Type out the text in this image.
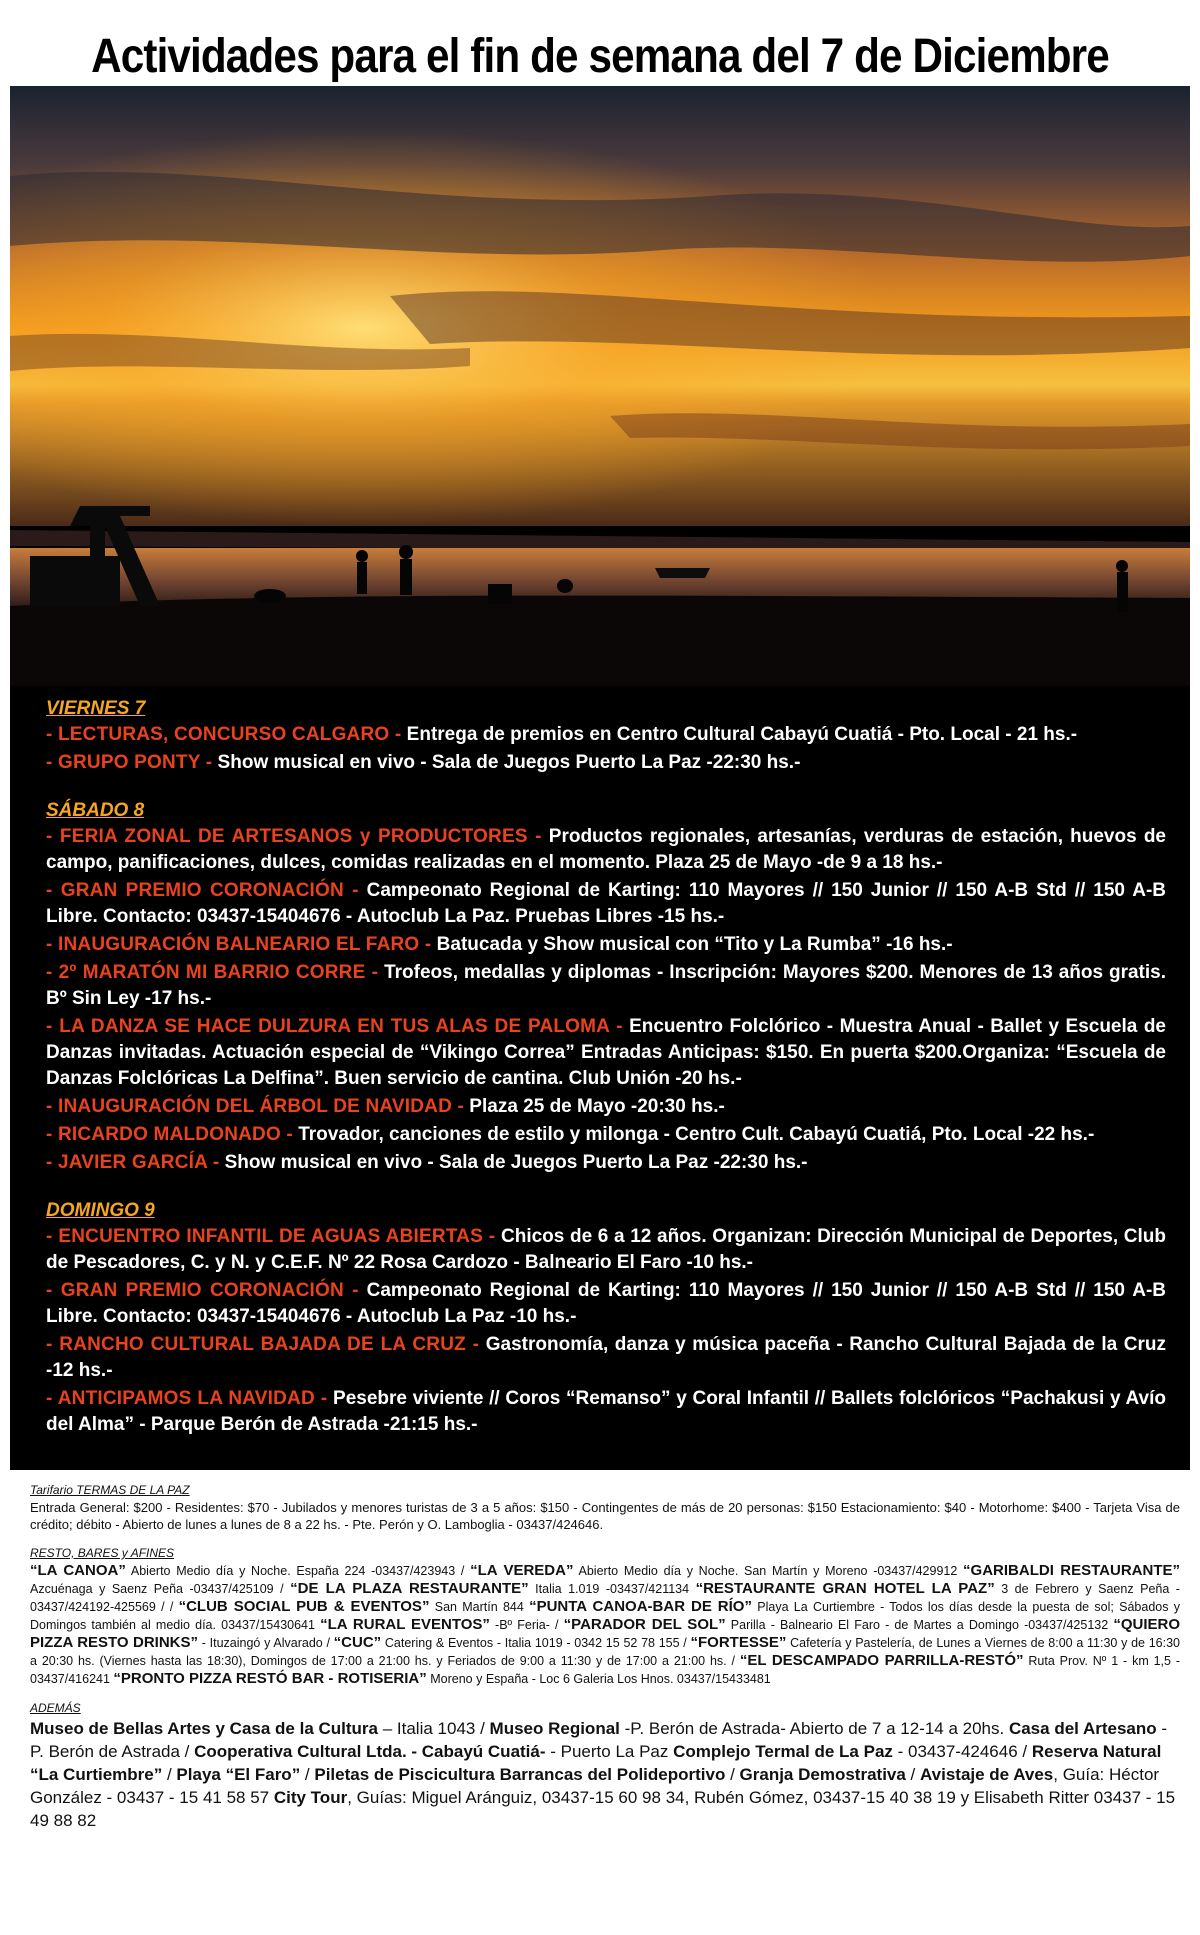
Actividades para el fin de semana del 7 de Diciembre

VIERNES 7

- LECTURAS, CONCURSO CALGARO - Entrega de premios en Centro Cultural Cabayú Cuatiá - Pto. Local - 21 hs.-

- GRUPO PONTY - Show musical en vivo - Sala de Juegos Puerto La Paz -22:30 hs.-

SÁBADO 8

- FERIA ZONAL DE ARTESANOS y PRODUCTORES - Productos regionales, artesanías, verduras de estación, huevos de campo, panificaciones, dulces, comidas realizadas en el momento. Plaza 25 de Mayo -de 9 a 18 hs.-

- GRAN PREMIO CORONACIÓN - Campeonato Regional de Karting: 110 Mayores // 150 Junior // 150 A-B Std // 150 A-B Libre. Contacto: 03437-15404676 - Autoclub La Paz. Pruebas Libres -15 hs.-

- INAUGURACIÓN BALNEARIO EL FARO - Batucada y Show musical con “Tito y La Rumba” -16 hs.-

- 2º MARATÓN MI BARRIO CORRE - Trofeos, medallas y diplomas - Inscripción: Mayores $200. Menores de 13 años gratis. Bº Sin Ley -17 hs.-

- LA DANZA SE HACE DULZURA EN TUS ALAS DE PALOMA - Encuentro Folclórico - Muestra Anual - Ballet y Escuela de Danzas invitadas. Actuación especial de “Vikingo Correa” Entradas Anticipas: $150. En puerta $200.Organiza: “Escuela de Danzas Folclóricas La Delfina”. Buen servicio de cantina. Club Unión -20 hs.-

- INAUGURACIÓN DEL ÁRBOL DE NAVIDAD - Plaza 25 de Mayo -20:30 hs.-

- RICARDO MALDONADO - Trovador, canciones de estilo y milonga - Centro Cult. Cabayú Cuatiá, Pto. Local -22 hs.-

- JAVIER GARCÍA - Show musical en vivo - Sala de Juegos Puerto La Paz -22:30 hs.-

DOMINGO 9

- ENCUENTRO INFANTIL DE AGUAS ABIERTAS - Chicos de 6 a 12 años. Organizan: Dirección Municipal de Deportes, Club de Pescadores, C. y N. y C.E.F. Nº 22 Rosa Cardozo - Balneario El Faro -10 hs.-

- GRAN PREMIO CORONACIÓN - Campeonato Regional de Karting: 110 Mayores // 150 Junior // 150 A-B Std // 150 A-B Libre. Contacto: 03437-15404676 - Autoclub La Paz -10 hs.-

- RANCHO CULTURAL BAJADA DE LA CRUZ - Gastronomía, danza y música paceña - Rancho Cultural Bajada de la Cruz -12 hs.-

- ANTICIPAMOS LA NAVIDAD - Pesebre viviente // Coros “Remanso” y Coral Infantil // Ballets folclóricos “Pachakusi y Avío del Alma” - Parque Berón de Astrada -21:15 hs.-

Tarifario TERMAS DE LA PAZ

Entrada General: $200 - Residentes: $70 - Jubilados y menores turistas de 3 a 5 años: $150 - Contingentes de más de 20 personas: $150 Estacionamiento: $40 - Motorhome: $400 - Tarjeta Visa de crédito; débito - Abierto de lunes a lunes de 8 a 22 hs. - Pte. Perón y O. Lamboglia - 03437/424646.

RESTO, BARES y AFINES

“LA CANOA” Abierto Medio día y Noche. España 224 -03437/423943 / “LA VEREDA” Abierto Medio día y Noche. San Martín y Moreno -03437/429912 “GARIBALDI RESTAURANTE” Azcuénaga y Saenz Peña -03437/425109 / “DE LA PLAZA RESTAURANTE” Italia 1.019 -03437/421134 “RESTAURANTE GRAN HOTEL LA PAZ” 3 de Febrero y Saenz Peña - 03437/424192-425569 / / “CLUB SOCIAL PUB & EVENTOS” San Martín 844 “PUNTA CANOA-BAR DE RÍO” Playa La Curtiembre - Todos los días desde la puesta de sol; Sábados y Domingos también al medio día. 03437/15430641 “LA RURAL EVENTOS” -Bº Feria- / “PARADOR DEL SOL” Parilla - Balneario El Faro - de Martes a Domingo -03437/425132 “QUIERO PIZZA RESTO DRINKS” - Ituzaingó y Alvarado / “CUC” Catering & Eventos - Italia 1019 - 0342 15 52 78 155 / “FORTESSE” Cafetería y Pastelería, de Lunes a Viernes de 8:00 a 11:30 y de 16:30 a 20:30 hs. (Viernes hasta las 18:30), Domingos de 17:00 a 21:00 hs. y Feriados de 9:00 a 11:30 y de 17:00 a 21:00 hs. / “EL DESCAMPADO PARRILLA-RESTÓ” Ruta Prov. Nº 1 - km 1,5 - 03437/416241 “PRONTO PIZZA RESTÓ BAR - ROTISERIA” Moreno y España - Loc 6 Galeria Los Hnos. 03437/15433481

ADEMÁS

Museo de Bellas Artes y Casa de la Cultura – Italia 1043 / Museo Regional -P. Berón de Astrada- Abierto de 7 a 12-14 a 20hs. Casa del Artesano - P. Berón de Astrada / Cooperativa Cultural Ltda. - Cabayú Cuatiá- - Puerto La Paz Complejo Termal de La Paz - 03437-424646 / Reserva Natural “La Curtiembre” / Playa “El Faro” / Piletas de Piscicultura Barrancas del Polideportivo / Granja Demostrativa / Avistaje de Aves, Guía: Héctor González - 03437 - 15 41 58 57 City Tour, Guías: Miguel Aránguiz, 03437-15 60 98 34, Rubén Gómez, 03437-15 40 38 19 y Elisabeth Ritter 03437 - 15 49 88 82
